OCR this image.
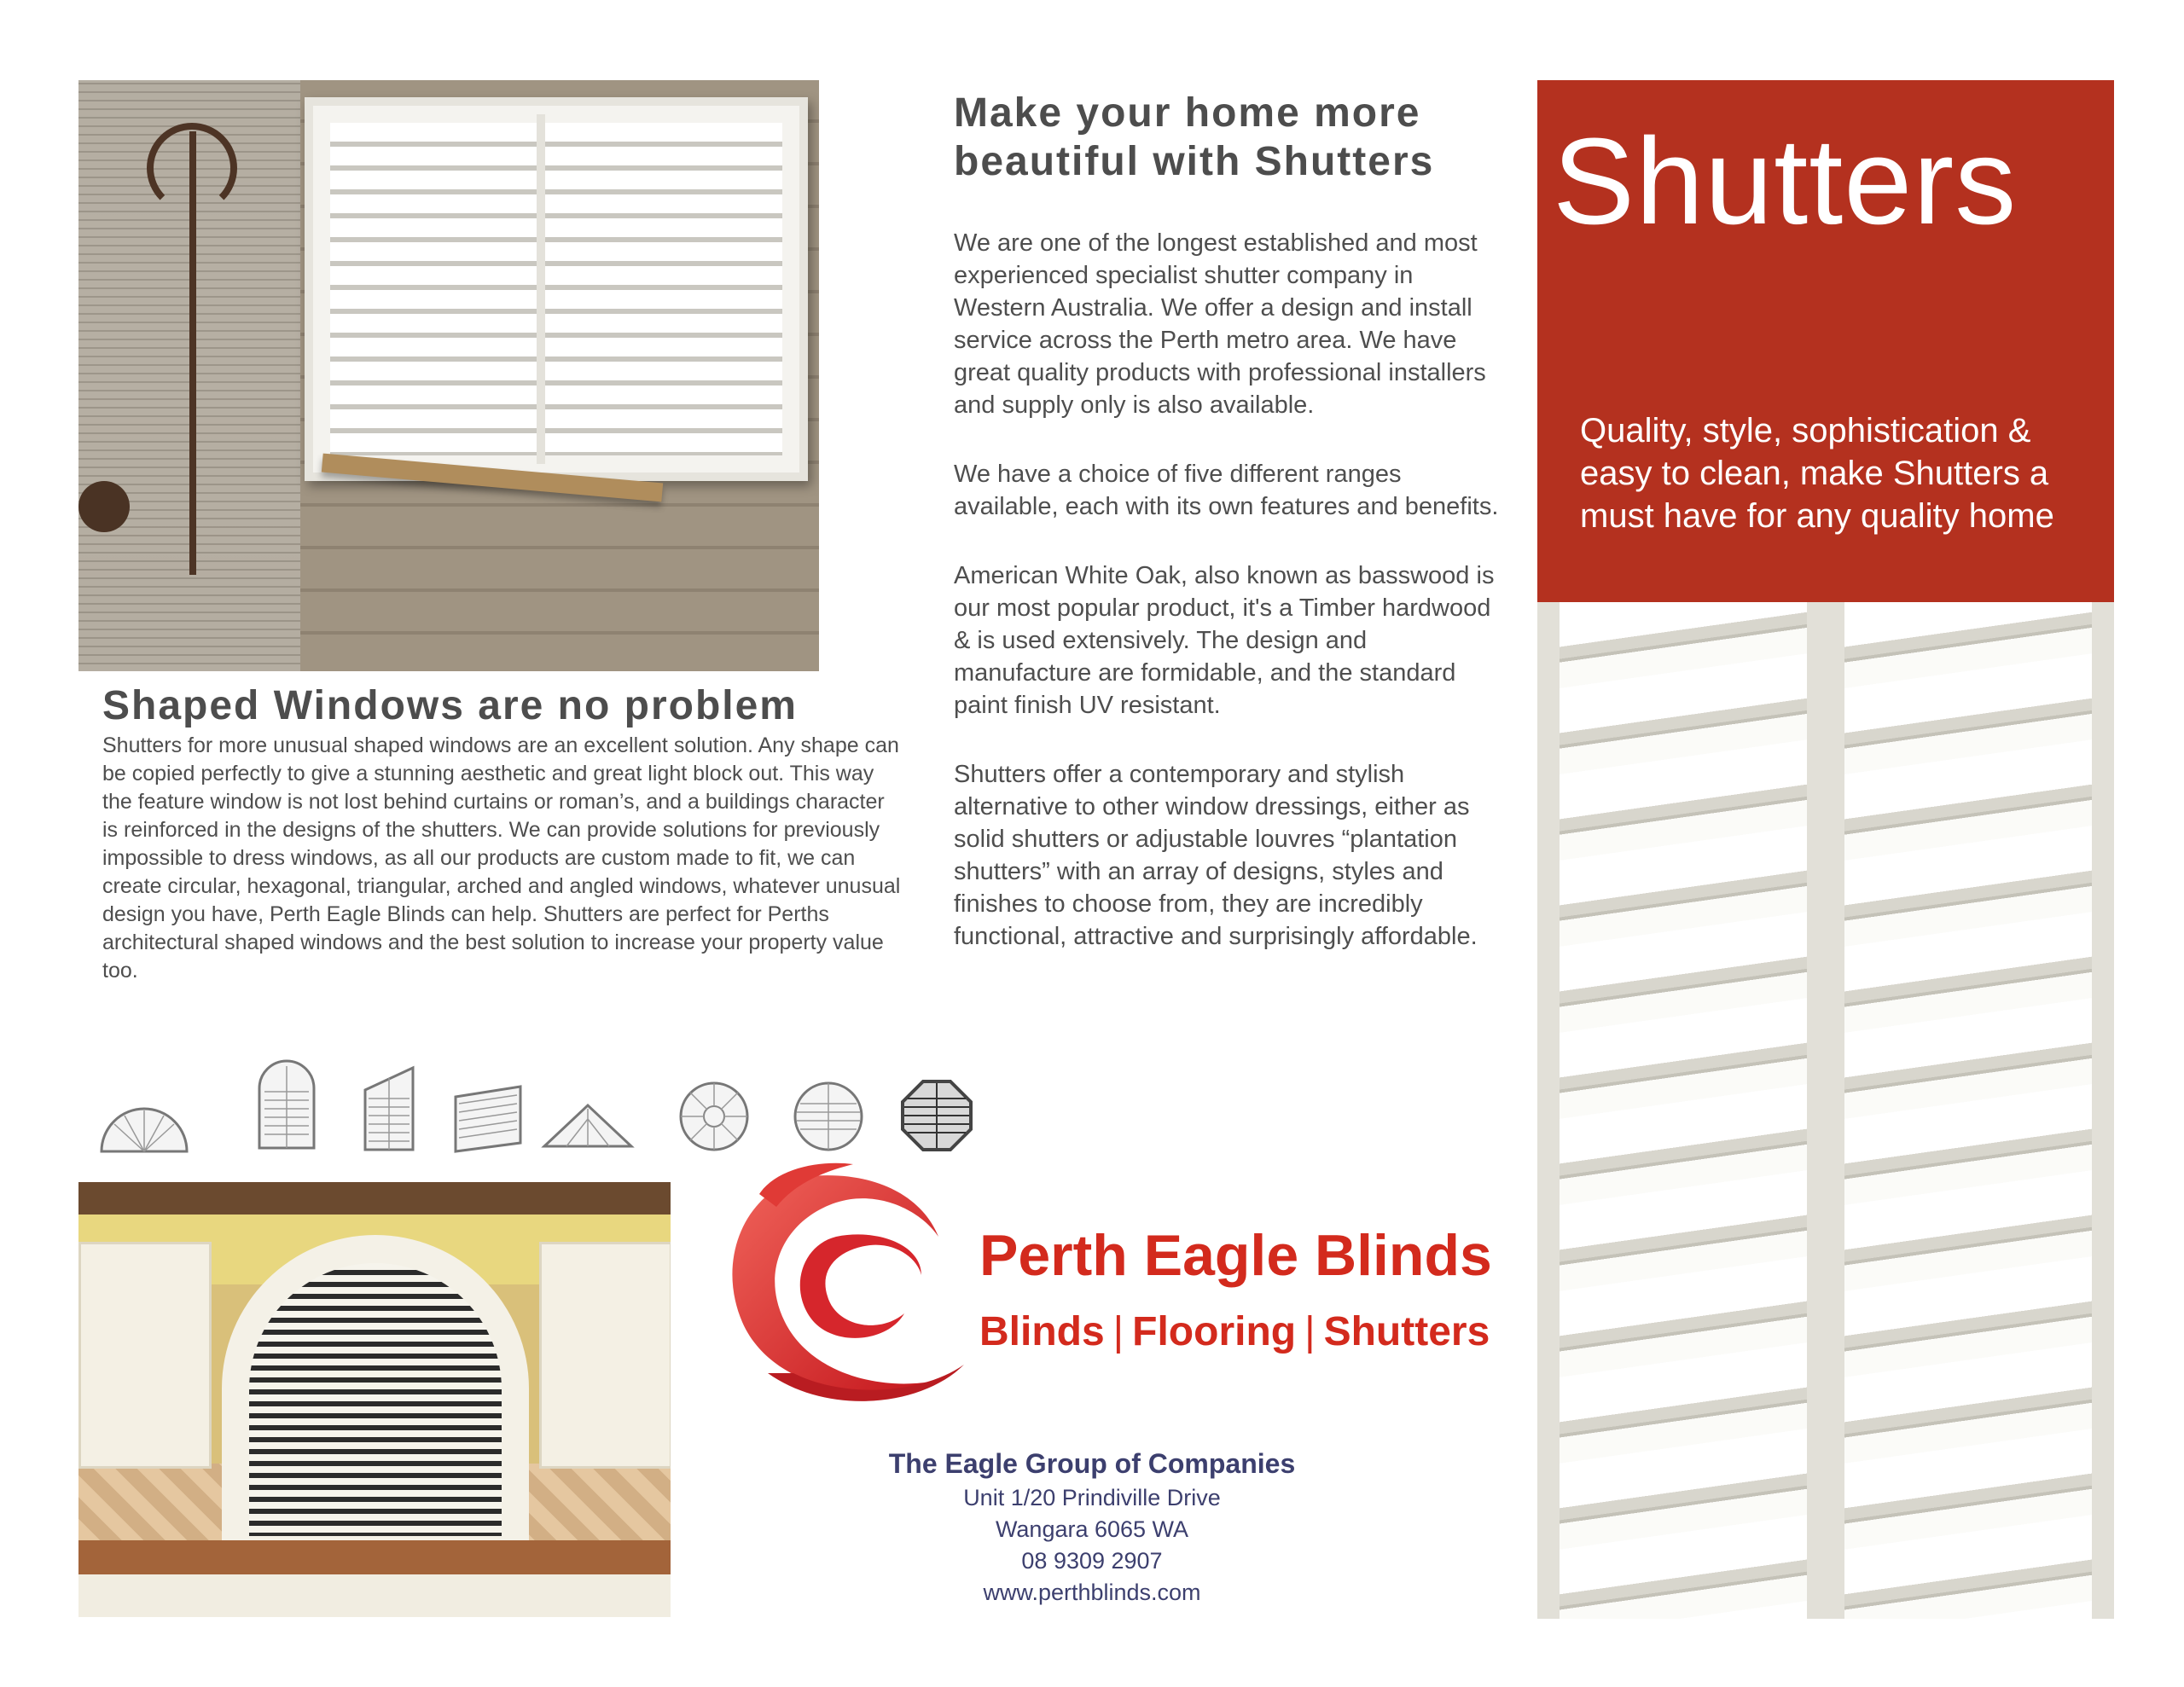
Make your home more beautiful with Shutters

We are one of the longest established and most experienced specialist shutter company in Western Australia. We offer a design and install service across the Perth metro area. We have great quality products with professional installers and supply only is also available.

We have a choice of five different ranges available, each with its own features and benefits.

American White Oak, also known as basswood is our most popular product, it's a Timber hardwood & is used extensively. The design and manufacture are formidable, and the standard paint finish UV resistant.

Shutters offer a contemporary and stylish alternative to other window dressings, either as solid shutters or adjustable louvres “plantation shutters” with an array of designs, styles and finishes to choose from, they are incredibly functional, attractive and surprisingly affordable.

Shutters
Quality, style, sophistication & easy to clean, make Shutters a must have for any quality home
Shaped Windows are no problem
Shutters for more unusual shaped windows are an excellent solution. Any shape can be copied perfectly to give a stunning aesthetic and great light block out. This way the feature window is not lost behind curtains or roman’s, and a buildings character is reinforced in the designs of the shutters. We can provide solutions for previously impossible to dress windows, as all our products are custom made to fit, we can create circular, hexagonal, triangular, arched and angled windows, whatever unusual design you have, Perth Eagle Blinds can help. Shutters are perfect for Perths architectural shaped windows and the best solution to increase your property value too.
Perth Eagle Blinds
Blinds | Flooring | Shutters
The Eagle Group of Companies
Unit 1/20 Prindiville Drive
Wangara 6065 WA
08 9309 2907
www.perthblinds.com
